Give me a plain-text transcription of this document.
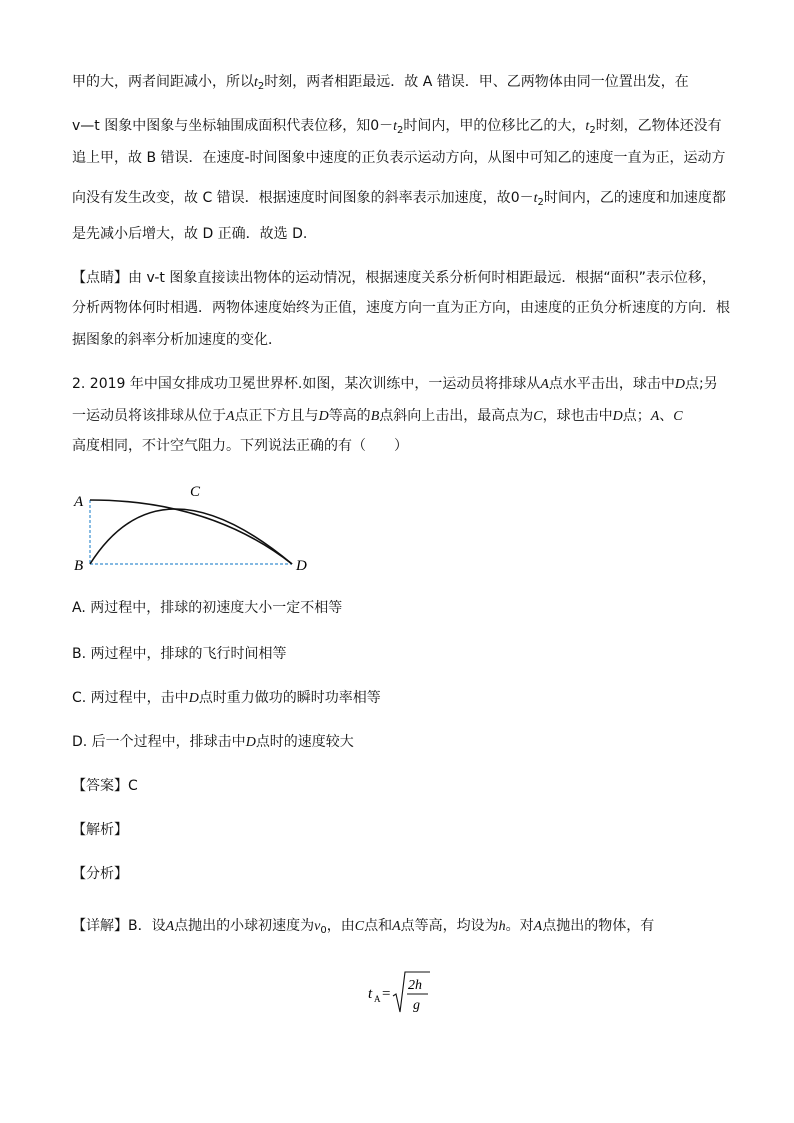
甲的大，两者间距减小，所以$t_2$时刻，两者相距最远．故 A 错误．甲、乙两物体由同一位置出发，在
v—t 图象中图象与坐标轴围成面积代表位移，知$0-t_2$时间内，甲的位移比乙的大，$t_2$时刻，乙物体还没有
追上甲，故 B 错误．在速度-时间图象中速度的正负表示运动方向，从图中可知乙的速度一直为正，运动方
向没有发生改变，故 C 错误．根据速度时间图象的斜率表示加速度，故$0-t_2$时间内，乙的速度和加速度都
是先减小后增大，故 D 正确．故选 D.
【点睛】由 v-t 图象直接读出物体的运动情况，根据速度关系分析何时相距最远．根据“面积”表示位移，
分析两物体何时相遇．两物体速度始终为正值，速度方向一直为正方向，由速度的正负分析速度的方向．根
据图象的斜率分析加速度的变化．
2. 2019 年中国女排成功卫冕世界杯.如图，某次训练中，一运动员将排球从A点水平击出，球击中D点;另
一运动员将该排球从位于A点正下方且与D等高的B点斜向上击出，最高点为C，球也击中D点；A、C
高度相同，不计空气阻力。下列说法正确的有（　　）
A
B
C
D
A. 两过程中，排球的初速度大小一定不相等
B. 两过程中，排球的飞行时间相等
C. 两过程中，击中D点时重力做功的瞬时功率相等
D. 后一个过程中，排球击中D点时的速度较大
【答案】C
【解析】
【分析】
【详解】B．设A点抛出的小球初速度为$v_0$，由C点和A点等高，均设为h。对A点抛出的物体，有
t A =
2h
g
